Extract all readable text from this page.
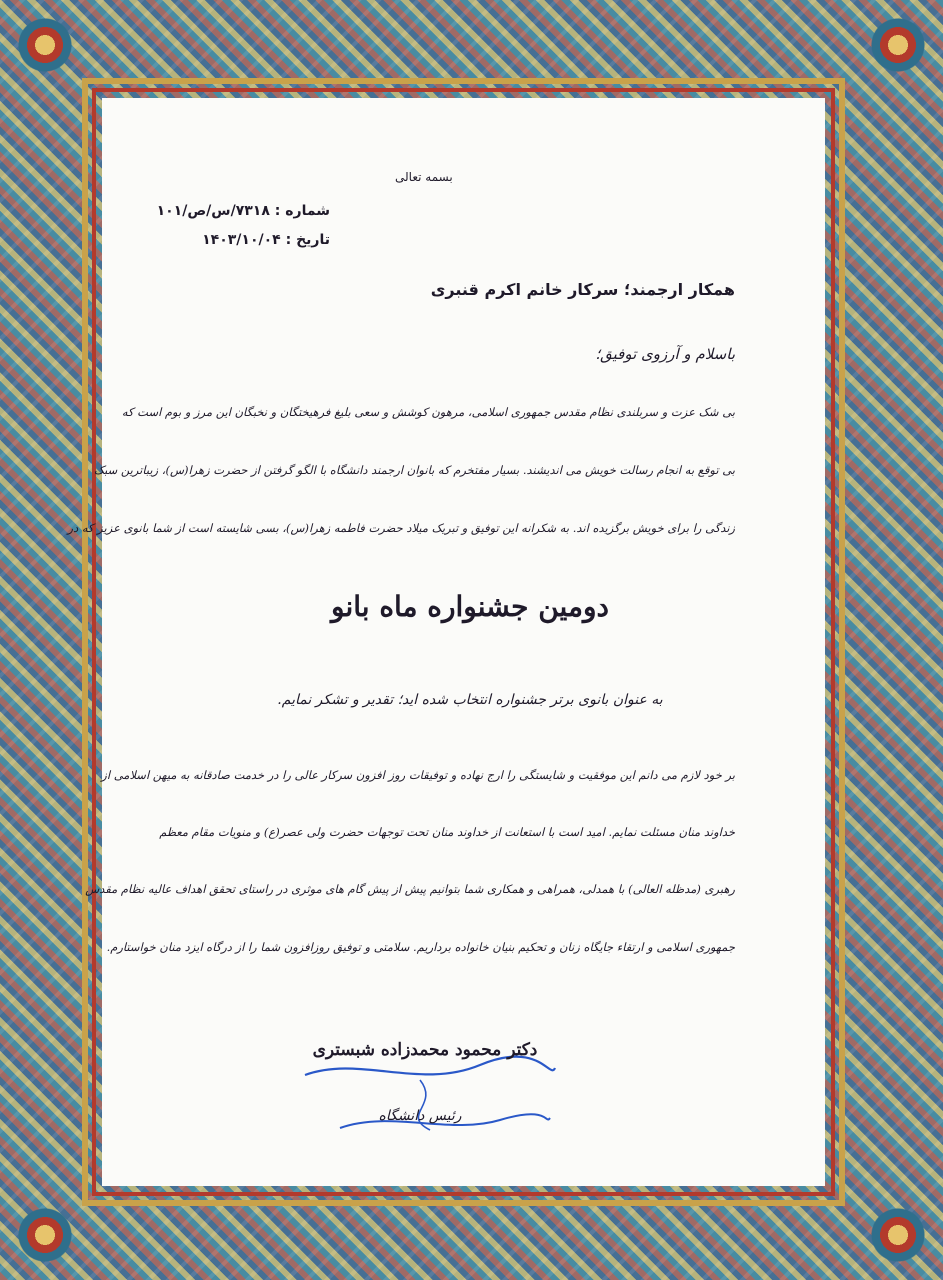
بسمه تعالی
شماره : ۷۳۱۸/س/ص/۱۰۱
تاریخ : ۱۴۰۳/۱۰/۰۴
همکار ارجمند؛ سرکار خانم اکرم قنبری
باسلام و آرزوی توفیق؛
بی شک عزت و سربلندی نظام مقدس جمهوری اسلامی، مرهون کوشش و سعی بلیغ فرهیختگان و نخبگان این مرز و بوم است که
بی توقع به انجام رسالت خویش می اندیشند. بسیار مفتخرم که بانوان ارجمند دانشگاه با الگو گرفتن از حضرت زهرا(س)، زیباترین سبک
زندگی را برای خویش برگزیده اند. به شکرانه این توفیق و تبریک میلاد حضرت فاطمه زهرا(س)، بسی شایسته است از شما بانوی عزیز که در
دومین جشنواره ماه بانو
به عنوان بانوی برتر جشنواره انتخاب شده اید؛ تقدیر و تشکر نمایم.
بر خود لازم می دانم این موفقیت و شایستگی را ارج نهاده و توفیقات روز افزون سرکار عالی را در خدمت صادقانه به میهن اسلامی از
خداوند منان مسئلت نمایم. امید است با استعانت از خداوند منان تحت توجهات حضرت ولی عصر(ع) و منویات مقام معظم
رهبری (مدظله العالی) با همدلی، همراهی و همکاری شما بتوانیم پیش از پیش گام های موثری در راستای تحقق اهداف عالیه نظام مقدس
جمهوری اسلامی و ارتقاء جایگاه زنان و تحکیم بنیان خانواده برداریم. سلامتی و توفیق روزافزون شما را از درگاه ایزد منان خواستارم.
دکتر محمود محمدزاده شبستری
رئیس دانشگاه
